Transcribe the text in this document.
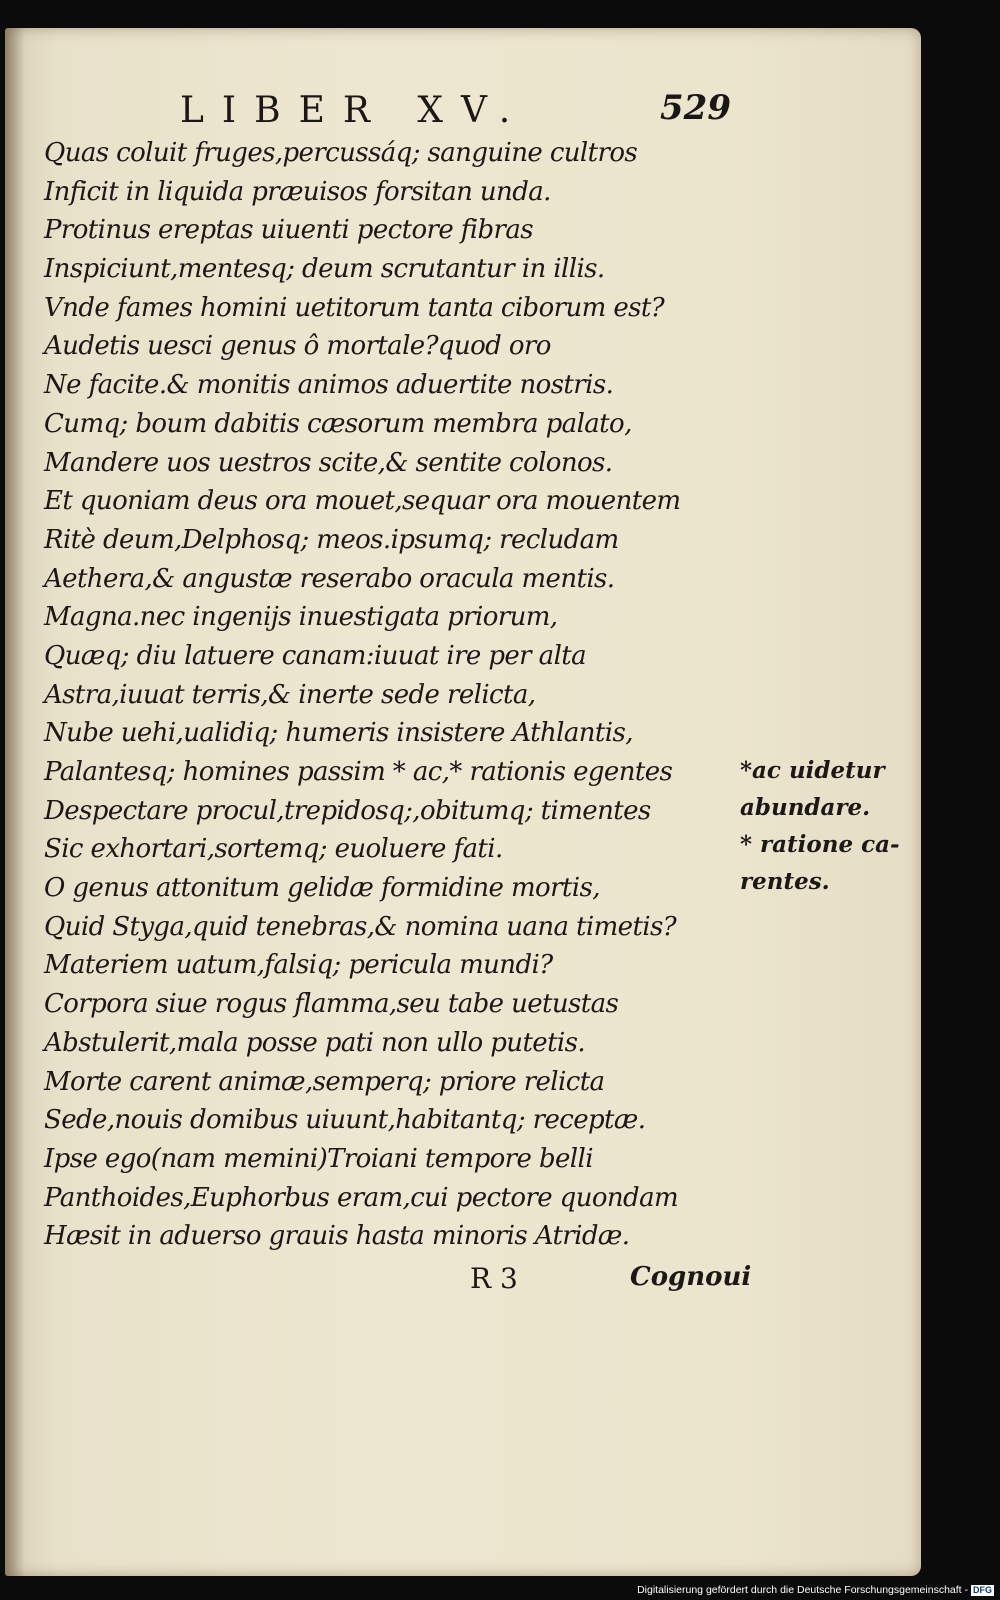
LIBER XV.	529
Quas coluit fruges,percussáq; sanguine cultros
Inficit in liquida præuisos forsitan unda.
Protinus ereptas uiuenti pectore fibras
Inspiciunt,mentesq; deum scrutantur in illis.
Vnde fames homini uetitorum tanta ciborum est?
Audetis uesci genus ô mortale?quod oro
Ne facite.& monitis animos aduertite nostris.
Cumq; boum dabitis cæsorum membra palato,
Mandere uos uestros scite,& sentite colonos.
Et quoniam deus ora mouet,sequar ora mouentem
Ritè deum,Delphosq; meos.ipsumq; recludam
Aethera,& angustæ reserabo oracula mentis.
Magna.nec ingenijs inuestigata priorum,
Quæq; diu latuere canam:iuuat ire per alta
Astra,iuuat terris,& inerte sede relicta,
Nube uehi,ualidiq; humeris insistere Athlantis,
Palantesq; homines passim * ac,* rationis egentes
Despectare procul,trepidosq;,obitumq; timentes
Sic exhortari,sortemq; euoluere fati.
O genus attonitum gelidæ formidine mortis,
Quid Styga,quid tenebras,& nomina uana timetis?
Materiem uatum,falsiq; pericula mundi?
Corpora siue rogus flamma,seu tabe uetustas
Abstulerit,mala posse pati non ullo putetis.
Morte carent animæ,semperq; priore relicta
Sede,nouis domibus uiuunt,habitantq; receptæ.
Ipse ego(nam memini)Troiani tempore belli
Panthoides,Euphorbus eram,cui pectore quondam
Hæsit in aduerso grauis hasta minoris Atridæ.
*ac uidetur
abundare.
* ratione ca-
rentes.
R 3	Cognoui
Digitalisierung gefördert durch die Deutsche Forschungsgemeinschaft - DFG
